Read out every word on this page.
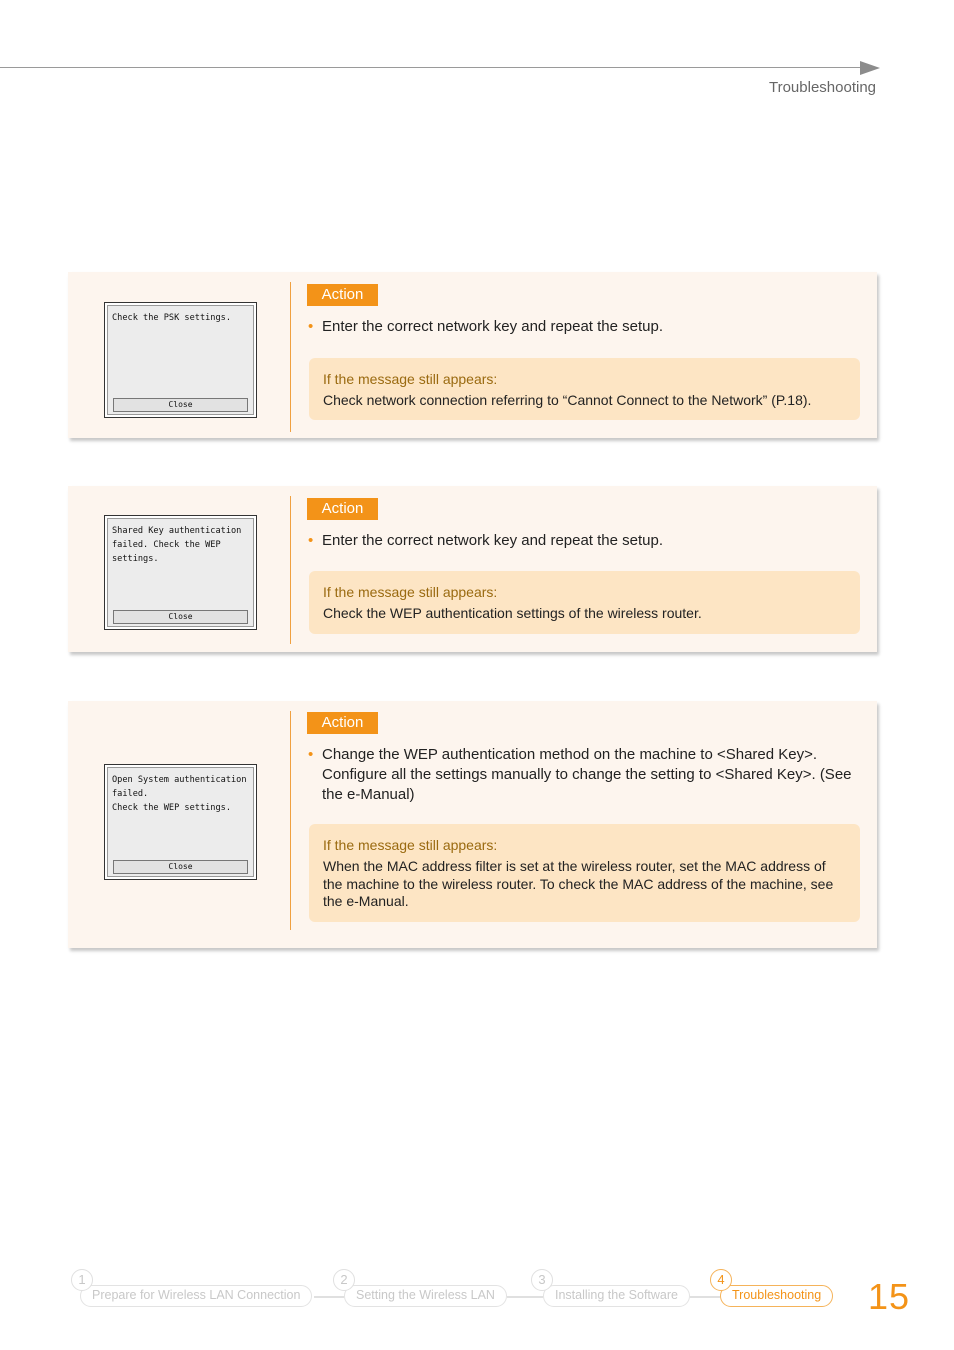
Troubleshooting
Check the PSK settings.
Close
Action
• Enter the correct network key and repeat the setup.
If the message still appears:
Check network connection referring to “Cannot Connect to the Network” (P.18).
Shared Key authentication
failed. Check the WEP
settings.
Close
Action
• Enter the correct network key and repeat the setup.
If the message still appears:
Check the WEP authentication settings of the wireless router.
Open System authentication
failed.
Check the WEP settings.
Close
Action
• Change the WEP authentication method on the machine to <Shared Key>. Configure all the settings manually to change the setting to <Shared Key>. (See the e-Manual)
If the message still appears:
When the MAC address filter is set at the wireless router, set the MAC address of the machine to the wireless router. To check the MAC address of the machine, see the e-Manual.
Prepare for Wireless LAN Connection
1
Setting the Wireless LAN
2
Installing the Software
3
Troubleshooting
4	15
